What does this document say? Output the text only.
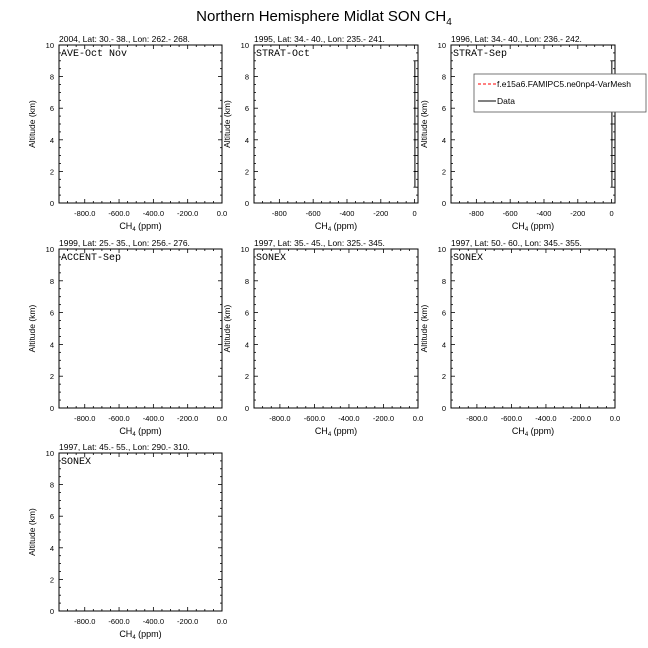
Northern Hemisphere Midlat SON $CH_4$
2004, Lat: 30.- 38., Lon: 262.- 268.
AVE-Oct Nov
-800.0 -600.0 -400.0 -200.0 0.0
0
2
4
6
8
10
$CH_4$ (ppm)
Altitude (km)
1995, Lat: 34.- 40., Lon: 235.- 241.
STRAT-Oct
-800	-600	-400	-200	0
0
2
4
6
8
10
$CH_4$ (ppm)
Altitude (km)
1996, Lat: 34.- 40., Lon: 236.- 242.
STRAT-Sep
-800	-600	-400	-200	0
0
2
4
6
8
10
$CH_4$ (ppm)
Altitude (km)
f.e15a6.FAMIPC5.ne0np4-VarMesh
Data
1999, Lat: 25.- 35., Lon: 256.- 276.
ACCENT-Sep
-800.0 -600.0 -400.0 -200.0 0.0
0
2
4
6
8
10
$CH_4$ (ppm)
Altitude (km)
1997, Lat: 35.- 45., Lon: 325.- 345.
SONEX
-800.0 -600.0 -400.0 -200.0 0.0
0
2
4
6
8
10
$CH_4$ (ppm)
Altitude (km)
1997, Lat: 50.- 60., Lon: 345.- 355.
SONEX
-800.0 -600.0 -400.0 -200.0 0.0
0
2
4
6
8
10
$CH_4$ (ppm)
Altitude (km)
1997, Lat: 45.- 55., Lon: 290.- 310.
SONEX
-800.0 -600.0 -400.0 -200.0 0.0
0
2
4
6
8
10
$CH_4$ (ppm)
Altitude (km)
